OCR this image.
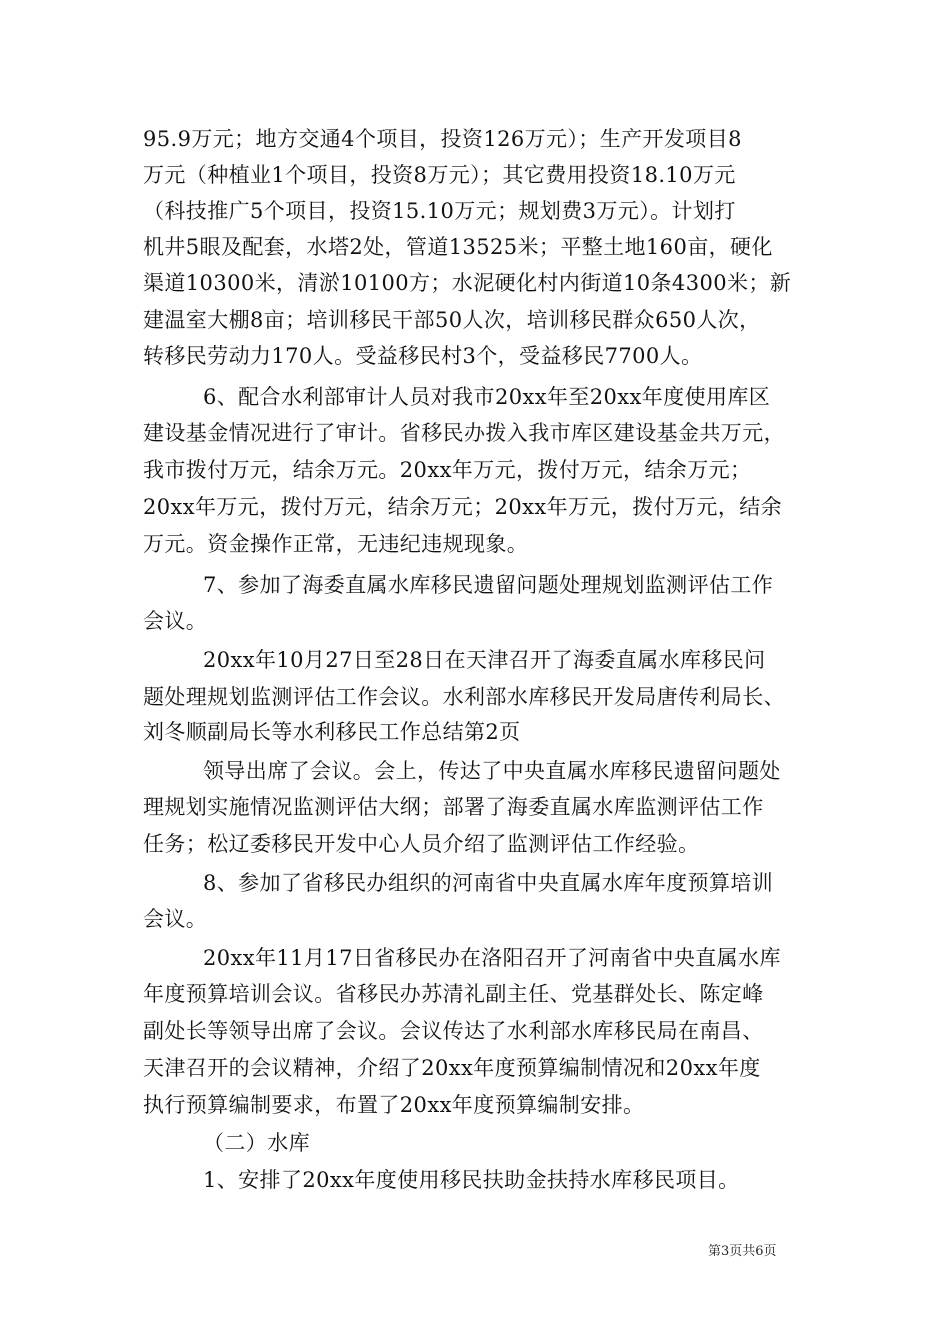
95.9万元；地方交通4个项目，投资126万元）；生产开发项目8
万元（种植业1个项目，投资8万元）；其它费用投资18.10万元
（科技推广5个项目，投资15.10万元；规划费3万元）。计划打
机井5眼及配套，水塔2处，管道13525米；平整土地160亩，硬化
渠道10300米，清淤10100方；水泥硬化村内街道10条4300米；新
建温室大棚8亩；培训移民干部50人次，培训移民群众650人次，
转移民劳动力170人。受益移民村3个，受益移民7700人。
6、配合水利部审计人员对我市20xx年至20xx年度使用库区
建设基金情况进行了审计。省移民办拨入我市库区建设基金共万元，
我市拨付万元，结余万元。20xx年万元，拨付万元，结余万元；
20xx年万元，拨付万元，结余万元；20xx年万元，拨付万元，结余
万元。资金操作正常，无违纪违规现象。
7、参加了海委直属水库移民遗留问题处理规划监测评估工作
会议。
20xx年10月27日至28日在天津召开了海委直属水库移民问
题处理规划监测评估工作会议。水利部水库移民开发局唐传利局长、
刘冬顺副局长等水利移民工作总结第2页
领导出席了会议。会上，传达了中央直属水库移民遗留问题处
理规划实施情况监测评估大纲；部署了海委直属水库监测评估工作
任务；松辽委移民开发中心人员介绍了监测评估工作经验。
8、参加了省移民办组织的河南省中央直属水库年度预算培训
会议。
20xx年11月17日省移民办在洛阳召开了河南省中央直属水库
年度预算培训会议。省移民办苏清礼副主任、党基群处长、陈定峰
副处长等领导出席了会议。会议传达了水利部水库移民局在南昌、
天津召开的会议精神，介绍了20xx年度预算编制情况和20xx年度
执行预算编制要求，布置了20xx年度预算编制安排。
（二）水库
1、安排了20xx年度使用移民扶助金扶持水库移民项目。
第3页共6页
